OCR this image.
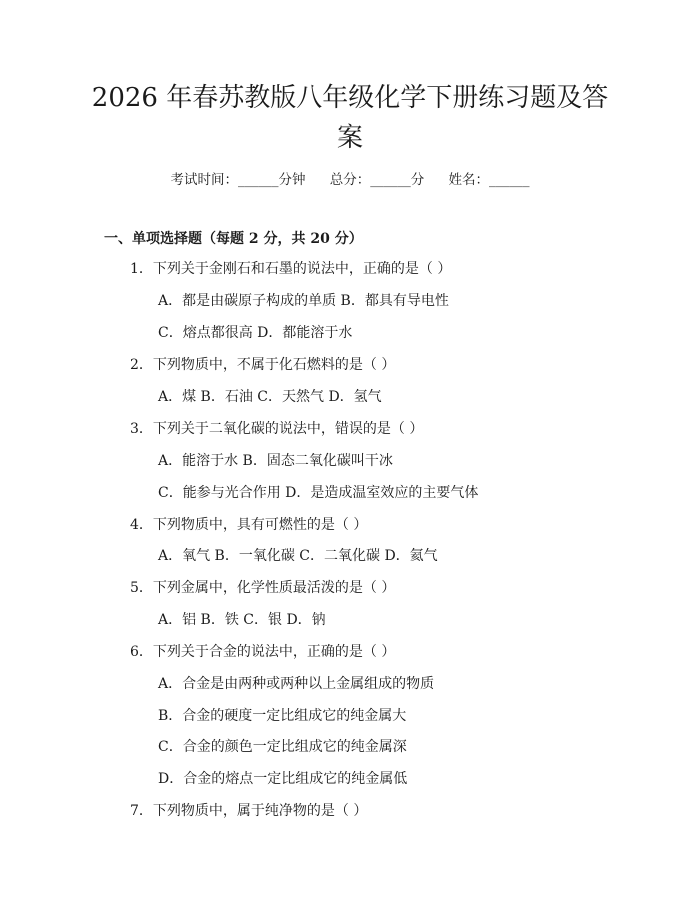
2026 年春苏教版八年级化学下册练习题及答
案
考试时间：______分钟 总分：______分 姓名：______
一、单项选择题（每题 2 分，共 20 分）
1．下列关于金刚石和石墨的说法中，正确的是（ ）
A．都是由碳原子构成的单质 B．都具有导电性
C．熔点都很高 D．都能溶于水
2．下列物质中，不属于化石燃料的是（ ）
A．煤 B．石油 C．天然气 D．氢气
3．下列关于二氧化碳的说法中，错误的是（ ）
A．能溶于水 B．固态二氧化碳叫干冰
C．能参与光合作用 D．是造成温室效应的主要气体
4．下列物质中，具有可燃性的是（ ）
A．氧气 B．一氧化碳 C．二氧化碳 D．氦气
5．下列金属中，化学性质最活泼的是（ ）
A．铝 B．铁 C．银 D．钠
6．下列关于合金的说法中，正确的是（ ）
A．合金是由两种或两种以上金属组成的物质
B．合金的硬度一定比组成它的纯金属大
C．合金的颜色一定比组成它的纯金属深
D．合金的熔点一定比组成它的纯金属低
7．下列物质中，属于纯净物的是（ ）
